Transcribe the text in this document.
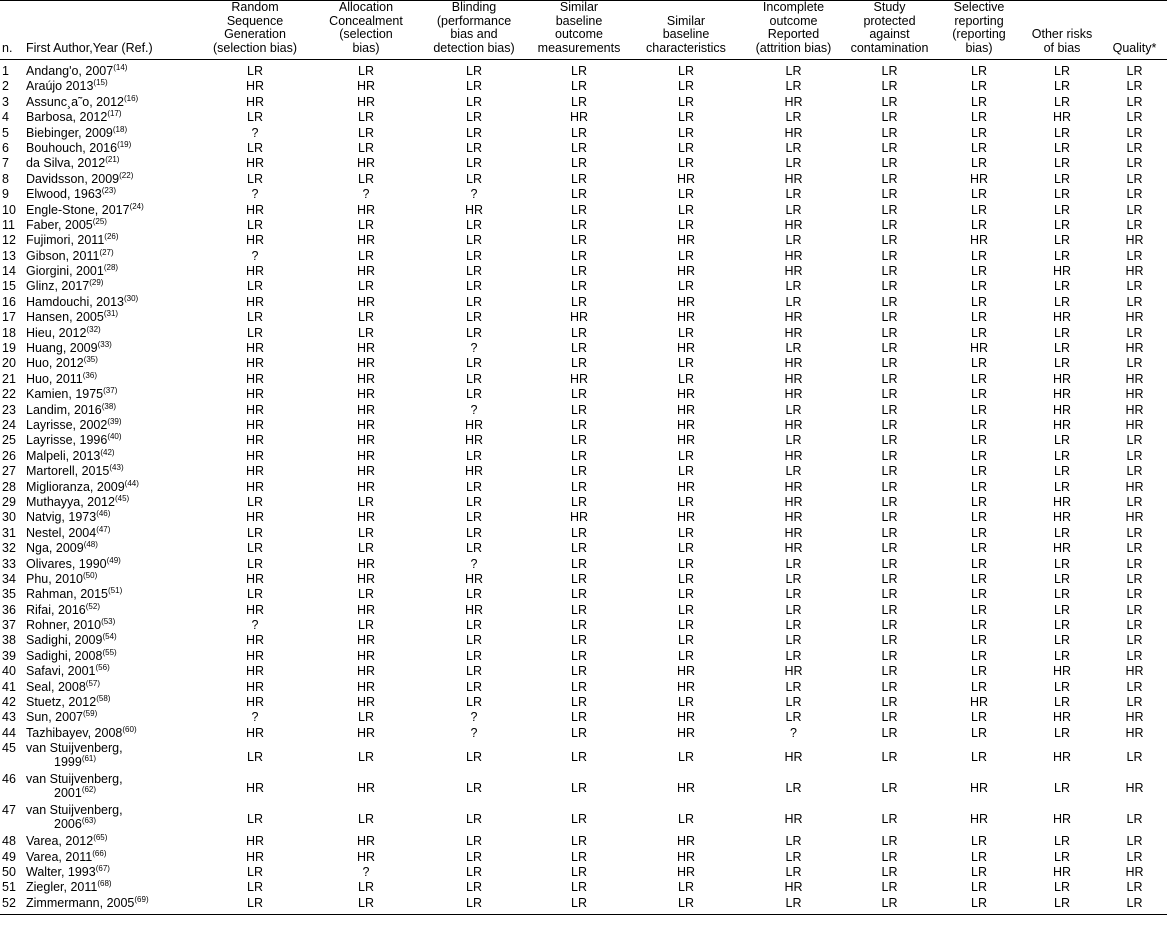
n.	First Author,Year (Ref.)	Random
Sequence
Generation
(selection bias)	Allocation
Concealment
(selection
bias)	Blinding
(performance
bias and
detection bias)	Similar
baseline
outcome
measurements	Similar
baseline
characteristics	Incomplete
outcome
Reported
(attrition bias)	Study
protected
against
contamination	Selective
reporting
(reporting
bias)	Other risks
of bias	Quality*
1	Andang'o, 2007$^{(14)}$	LR	LR	LR	LR	LR	LR	LR	LR	LR	LR
2	Araújo 2013$^{(15)}$	HR	HR	LR	LR	LR	LR	LR	LR	LR	LR
3	Assunc¸a˜o, 2012$^{(16)}$	HR	HR	LR	LR	LR	HR	LR	LR	LR	LR
4	Barbosa, 2012$^{(17)}$	LR	LR	LR	HR	LR	LR	LR	LR	HR	LR
5	Biebinger, 2009$^{(18)}$	?	LR	LR	LR	LR	HR	LR	LR	LR	LR
6	Bouhouch, 2016$^{(19)}$	LR	LR	LR	LR	LR	LR	LR	LR	LR	LR
7	da Silva, 2012$^{(21)}$	HR	HR	LR	LR	LR	LR	LR	LR	LR	LR
8	Davidsson, 2009$^{(22)}$	LR	LR	LR	LR	HR	HR	LR	HR	LR	LR
9	Elwood, 1963$^{(23)}$	?	?	?	LR	LR	LR	LR	LR	LR	LR
10	Engle-Stone, 2017$^{(24)}$	HR	HR	HR	LR	LR	LR	LR	LR	LR	LR
11	Faber, 2005$^{(25)}$	LR	LR	LR	LR	LR	HR	LR	LR	LR	LR
12	Fujimori, 2011$^{(26)}$	HR	HR	LR	LR	HR	LR	LR	HR	LR	HR
13	Gibson, 2011$^{(27)}$	?	LR	LR	LR	LR	HR	LR	LR	LR	LR
14	Giorgini, 2001$^{(28)}$	HR	HR	LR	LR	HR	HR	LR	LR	HR	HR
15	Glinz, 2017$^{(29)}$	LR	LR	LR	LR	LR	LR	LR	LR	LR	LR
16	Hamdouchi, 2013$^{(30)}$	HR	HR	LR	LR	HR	LR	LR	LR	LR	LR
17	Hansen, 2005$^{(31)}$	LR	LR	LR	HR	HR	HR	LR	LR	HR	HR
18	Hieu, 2012$^{(32)}$	LR	LR	LR	LR	LR	HR	LR	LR	LR	LR
19	Huang, 2009$^{(33)}$	HR	HR	?	LR	HR	LR	LR	HR	LR	HR
20	Huo, 2012$^{(35)}$	HR	HR	LR	LR	LR	HR	LR	LR	LR	LR
21	Huo, 2011$^{(36)}$	HR	HR	LR	HR	LR	HR	LR	LR	HR	HR
22	Kamien, 1975$^{(37)}$	HR	HR	LR	LR	HR	HR	LR	LR	HR	HR
23	Landim, 2016$^{(38)}$	HR	HR	?	LR	HR	LR	LR	LR	HR	HR
24	Layrisse, 2002$^{(39)}$	HR	HR	HR	LR	HR	HR	LR	LR	HR	HR
25	Layrisse, 1996$^{(40)}$	HR	HR	HR	LR	HR	LR	LR	LR	LR	LR
26	Malpeli, 2013$^{(42)}$	HR	HR	LR	LR	LR	HR	LR	LR	LR	LR
27	Martorell, 2015$^{(43)}$	HR	HR	HR	LR	LR	LR	LR	LR	LR	LR
28	Miglioranza, 2009$^{(44)}$	HR	HR	LR	LR	HR	HR	LR	LR	LR	HR
29	Muthayya, 2012$^{(45)}$	LR	LR	LR	LR	LR	HR	LR	LR	HR	LR
30	Natvig, 1973$^{(46)}$	HR	HR	LR	HR	HR	HR	LR	LR	HR	HR
31	Nestel, 2004$^{(47)}$	LR	LR	LR	LR	LR	HR	LR	LR	LR	LR
32	Nga, 2009$^{(48)}$	LR	LR	LR	LR	LR	HR	LR	LR	HR	LR
33	Olivares, 1990$^{(49)}$	LR	HR	?	LR	LR	LR	LR	LR	LR	LR
34	Phu, 2010$^{(50)}$	HR	HR	HR	LR	LR	LR	LR	LR	LR	LR
35	Rahman, 2015$^{(51)}$	LR	LR	LR	LR	LR	LR	LR	LR	LR	LR
36	Rifai, 2016$^{(52)}$	HR	HR	HR	LR	LR	LR	LR	LR	LR	LR
37	Rohner, 2010$^{(53)}$	?	LR	LR	LR	LR	LR	LR	LR	LR	LR
38	Sadighi, 2009$^{(54)}$	HR	HR	LR	LR	LR	LR	LR	LR	LR	LR
39	Sadighi, 2008$^{(55)}$	HR	HR	LR	LR	LR	LR	LR	LR	LR	LR
40	Safavi, 2001$^{(56)}$	HR	HR	LR	LR	HR	HR	LR	LR	HR	HR
41	Seal, 2008$^{(57)}$	HR	HR	LR	LR	HR	LR	LR	LR	LR	LR
42	Stuetz, 2012$^{(58)}$	HR	HR	LR	LR	LR	LR	LR	HR	LR	LR
43	Sun, 2007$^{(59)}$	?	LR	?	LR	HR	LR	LR	LR	HR	HR
44	Tazhibayev, 2008$^{(60)}$	HR	HR	?	LR	HR	?	LR	LR	LR	HR
45	van Stuijvenberg,
1999$^{(61)}$	LR	LR	LR	LR	LR	HR	LR	LR	HR	LR
46	van Stuijvenberg,
2001$^{(62)}$	HR	HR	LR	LR	HR	LR	LR	HR	LR	HR
47	van Stuijvenberg,
2006$^{(63)}$	LR	LR	LR	LR	LR	HR	LR	HR	HR	LR
48	Varea, 2012$^{(65)}$	HR	HR	LR	LR	HR	LR	LR	LR	LR	LR
49	Varea, 2011$^{(66)}$	HR	HR	LR	LR	HR	LR	LR	LR	LR	LR
50	Walter, 1993$^{(67)}$	LR	?	LR	LR	HR	LR	LR	LR	HR	HR
51	Ziegler, 2011$^{(68)}$	LR	LR	LR	LR	LR	HR	LR	LR	LR	LR
52	Zimmermann, 2005$^{(69)}$	LR	LR	LR	LR	LR	LR	LR	LR	LR	LR
